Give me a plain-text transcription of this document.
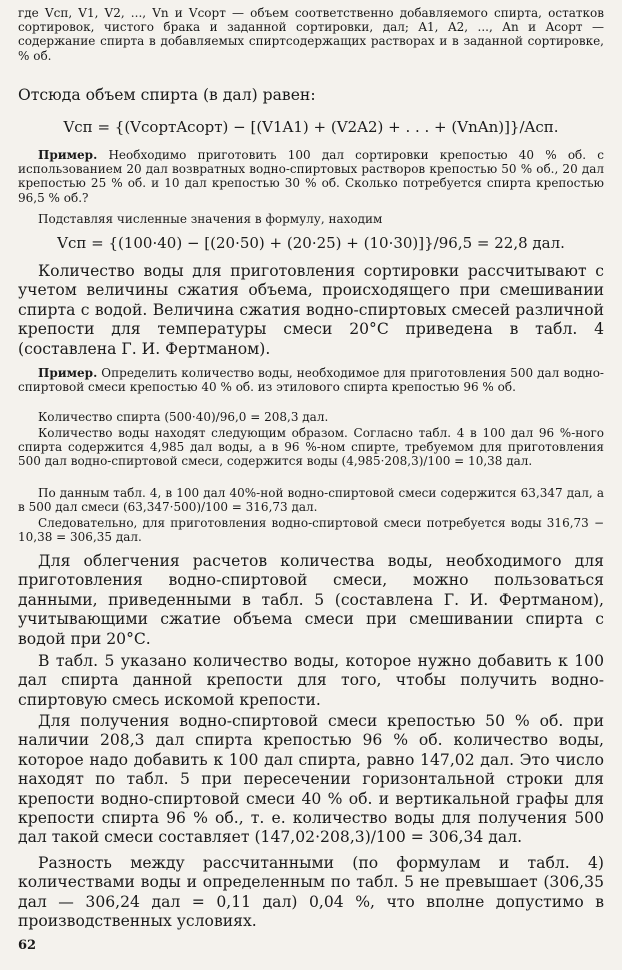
где Vсп, V1, V2, ..., Vn и Vсорт — объем соответственно добавляемого спирта, остатков сортировок, чистого брака и заданной сортировки, дал; A1, A2, ..., An и Aсорт — содержание спирта в добавляемых спиртсодержащих растворах и в заданной сортировке, % об.

Отсюда объем спирта (в дал) равен:

Vсп = {(VсортAсорт) − [(V1A1) + (V2A2) + . . . + (VnAn)]}/Aсп.

Пример. Необходимо приготовить 100 дал сортировки крепостью 40 % об. с использованием 20 дал возвратных водно-спиртовых растворов крепостью 50 % об., 20 дал крепостью 25 % об. и 10 дал крепостью 30 % об. Сколько потребуется спирта крепостью 96,5 % об.?

Подставляя численные значения в формулу, находим

Vсп = {(100·40) − [(20·50) + (20·25) + (10·30)]}/96,5 = 22,8 дал.

Количество воды для приготовления сортировки рассчитывают с учетом величины сжатия объема, происходящего при смешивании спирта с водой. Величина сжатия водно-спиртовых смесей различной крепости для температуры смеси 20°С приведена в табл. 4 (составлена Г. И. Фертманом).

Пример. Определить количество воды, необходимое для приготовления 500 дал водно-спиртовой смеси крепостью 40 % об. из этилового спирта крепостью 96 % об.

Количество спирта (500·40)/96,0 = 208,3 дал.

Количество воды находят следующим образом. Согласно табл. 4 в 100 дал 96 %-ного спирта содержится 4,985 дал воды, а в 96 %-ном спирте, требуемом для приготовления 500 дал водно-спиртовой смеси, содержится воды (4,985·208,3)/100 = 10,38 дал.

По данным табл. 4, в 100 дал 40%-ной водно-спиртовой смеси содержится 63,347 дал, а в 500 дал смеси (63,347·500)/100 = 316,73 дал.

Следовательно, для приготовления водно-спиртовой смеси потребуется воды 316,73 − 10,38 = 306,35 дал.

Для облегчения расчетов количества воды, необходимого для приготовления водно-спиртовой смеси, можно пользоваться данными, приведенными в табл. 5 (составлена Г. И. Фертманом), учитывающими сжатие объема смеси при смешивании спирта с водой при 20°С.

В табл. 5 указано количество воды, которое нужно добавить к 100 дал спирта данной крепости для того, чтобы получить водно-спиртовую смесь искомой крепости.

Для получения водно-спиртовой смеси крепостью 50 % об. при наличии 208,3 дал спирта крепостью 96 % об. количество воды, которое надо добавить к 100 дал спирта, равно 147,02 дал. Это число находят по табл. 5 при пересечении горизонтальной строки для крепости водно-спиртовой смеси 40 % об. и вертикальной графы для крепости спирта 96 % об., т. е. количество воды для получения 500 дал такой смеси составляет (147,02·208,3)/100 = 306,34 дал.

Разность между рассчитанными (по формулам и табл. 4) количествами воды и определенным по табл. 5 не превышает (306,35 дал — 306,24 дал = 0,11 дал) 0,04 %, что вполне допустимо в производственных условиях.

62
